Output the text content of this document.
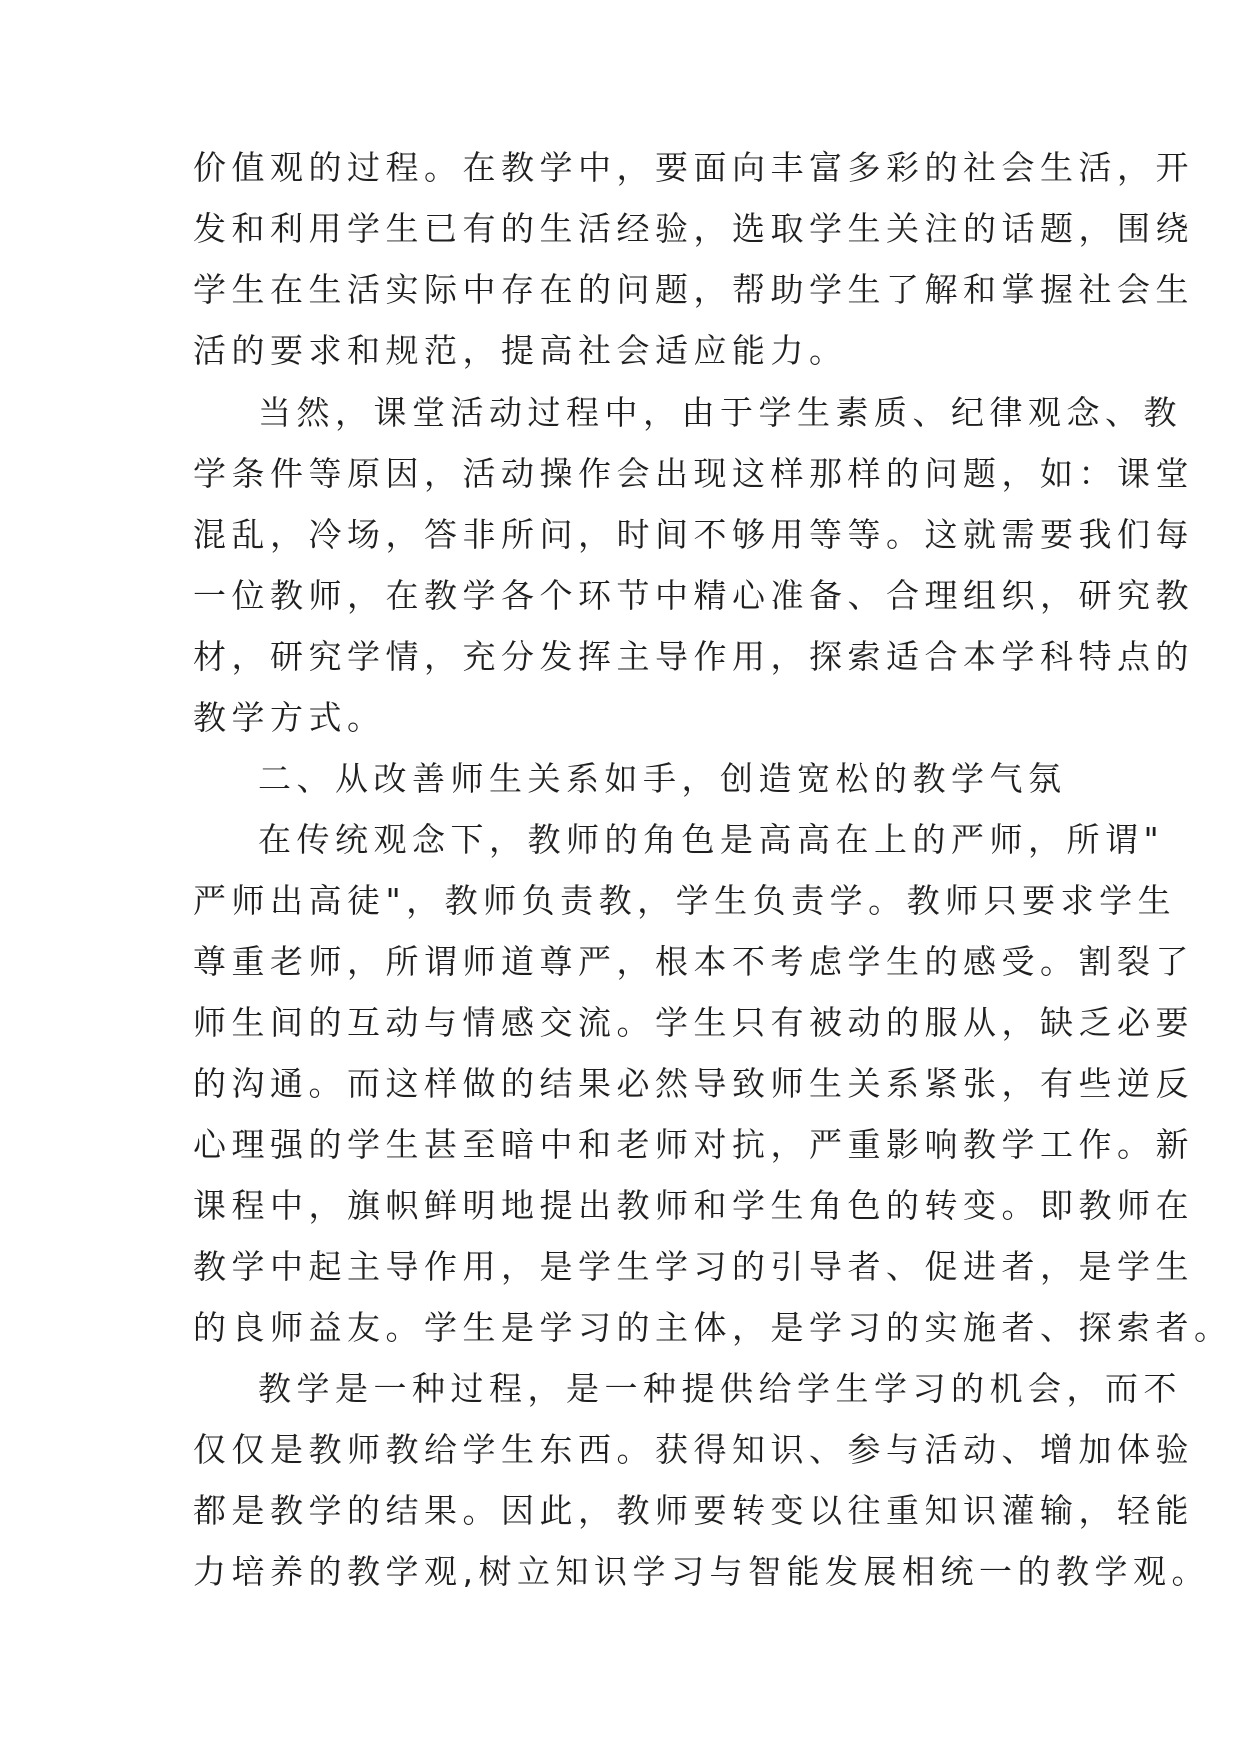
价值观的过程。在教学中，要面向丰富多彩的社会生活，开
发和利用学生已有的生活经验，选取学生关注的话题，围绕
学生在生活实际中存在的问题，帮助学生了解和掌握社会生
活的要求和规范，提高社会适应能力。
当然，课堂活动过程中，由于学生素质、纪律观念、教
学条件等原因，活动操作会出现这样那样的问题，如：课堂
混乱，冷场，答非所问，时间不够用等等。这就需要我们每
一位教师，在教学各个环节中精心准备、合理组织，研究教
材，研究学情，充分发挥主导作用，探索适合本学科特点的
教学方式。
二、从改善师生关系如手，创造宽松的教学气氛
在传统观念下，教师的角色是高高在上的严师，所谓"
严师出高徒"，教师负责教，学生负责学。教师只要求学生
尊重老师，所谓师道尊严，根本不考虑学生的感受。割裂了
师生间的互动与情感交流。学生只有被动的服从，缺乏必要
的沟通。而这样做的结果必然导致师生关系紧张，有些逆反
心理强的学生甚至暗中和老师对抗，严重影响教学工作。新
课程中，旗帜鲜明地提出教师和学生角色的转变。即教师在
教学中起主导作用，是学生学习的引导者、促进者，是学生
的良师益友。学生是学习的主体，是学习的实施者、探索者。
教学是一种过程，是一种提供给学生学习的机会，而不
仅仅是教师教给学生东西。获得知识、参与活动、增加体验
都是教学的结果。因此，教师要转变以往重知识灌输，轻能
力培养的教学观,树立知识学习与智能发展相统一的教学观。
